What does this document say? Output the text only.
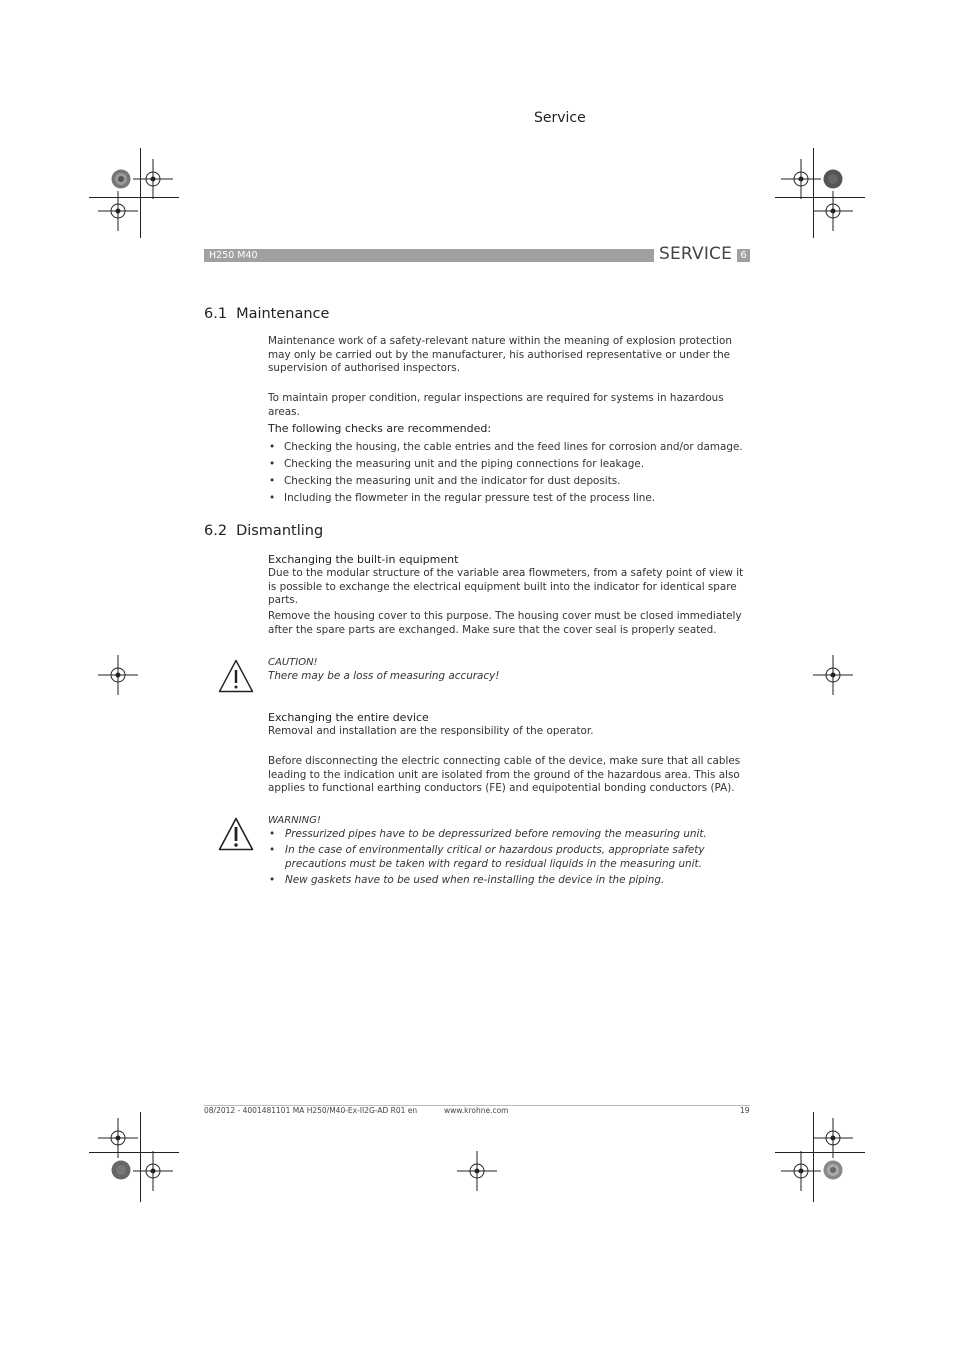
Service
H250 M40	SERVICE 6
6.1 Maintenance
Maintenance work of a safety-relevant nature within the meaning of explosion protection may only be carried out by the manufacturer, his authorised representative or under the supervision of authorised inspectors.
To maintain proper condition, regular inspections are required for systems in hazardous areas.
The following checks are recommended:
• Checking the housing, the cable entries and the feed lines for corrosion and/or damage.
• Checking the measuring unit and the piping connections for leakage.
• Checking the measuring unit and the indicator for dust deposits.
• Including the flowmeter in the regular pressure test of the process line.
6.2 Dismantling
Exchanging the built-in equipment
Due to the modular structure of the variable area flowmeters, from a safety point of view it is possible to exchange the electrical equipment built into the indicator for identical spare parts.
Remove the housing cover to this purpose. The housing cover must be closed immediately after the spare parts are exchanged. Make sure that the cover seal is properly seated.
CAUTION!
There may be a loss of measuring accuracy!
Exchanging the entire device
Removal and installation are the responsibility of the operator.
Before disconnecting the electric connecting cable of the device, make sure that all cables leading to the indication unit are isolated from the ground of the hazardous area. This also applies to functional earthing conductors (FE) and equipotential bonding conductors (PA).
WARNING!
• Pressurized pipes have to be depressurized before removing the measuring unit.
• In the case of environmentally critical or hazardous products, appropriate safety precautions must be taken with regard to residual liquids in the measuring unit.
• New gaskets have to be used when re-installing the device in the piping.
08/2012 - 4001481101 MA H250/M40-Ex-II2G-AD R01 en	www.krohne.com	19
